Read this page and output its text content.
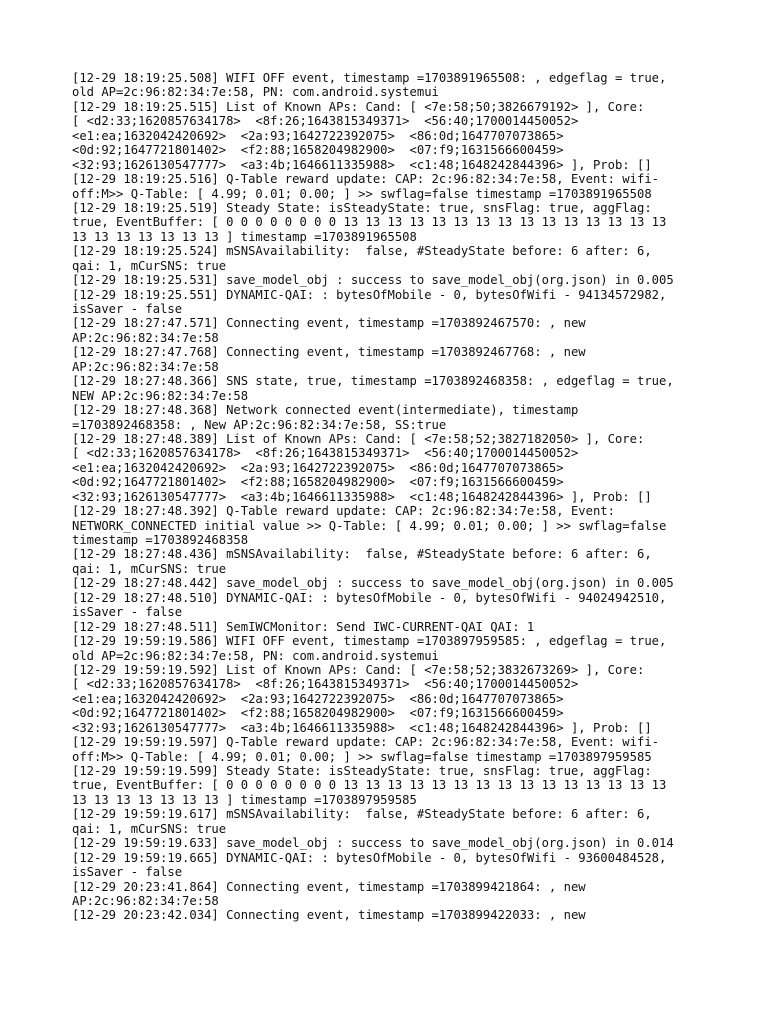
[12-29 18:19:25.508] WIFI OFF event, timestamp =1703891965508: , edgeflag = true,
old AP=2c:96:82:34:7e:58, PN: com.android.systemui
[12-29 18:19:25.515] List of Known APs: Cand: [ <7e:58;50;3826679192> ], Core:
[ <d2:33;1620857634178>  <8f:26;1643815349371>  <56:40;1700014450052>
<e1:ea;1632042420692>  <2a:93;1642722392075>  <86:0d;1647707073865>
<0d:92;1647721801402>  <f2:88;1658204982900>  <07:f9;1631566600459>
<32:93;1626130547777>  <a3:4b;1646611335988>  <c1:48;1648242844396> ], Prob: []
[12-29 18:19:25.516] Q-Table reward update: CAP: 2c:96:82:34:7e:58, Event: wifi-
off:M>> Q-Table: [ 4.99; 0.01; 0.00; ] >> swflag=false timestamp =1703891965508
[12-29 18:19:25.519] Steady State: isSteadyState: true, snsFlag: true, aggFlag:
true, EventBuffer: [ 0 0 0 0 0 0 0 0 13 13 13 13 13 13 13 13 13 13 13 13 13 13 13
13 13 13 13 13 13 13 ] timestamp =1703891965508
[12-29 18:19:25.524] mSNSAvailability:  false, #SteadyState before: 6 after: 6,
qai: 1, mCurSNS: true
[12-29 18:19:25.531] save_model_obj : success to save_model_obj(org.json) in 0.005
[12-29 18:19:25.551] DYNAMIC-QAI: : bytesOfMobile - 0, bytesOfWifi - 94134572982,
isSaver - false
[12-29 18:27:47.571] Connecting event, timestamp =1703892467570: , new
AP:2c:96:82:34:7e:58
[12-29 18:27:47.768] Connecting event, timestamp =1703892467768: , new
AP:2c:96:82:34:7e:58
[12-29 18:27:48.366] SNS state, true, timestamp =1703892468358: , edgeflag = true,
NEW AP:2c:96:82:34:7e:58
[12-29 18:27:48.368] Network connected event(intermediate), timestamp
=1703892468358: , New AP:2c:96:82:34:7e:58, SS:true
[12-29 18:27:48.389] List of Known APs: Cand: [ <7e:58;52;3827182050> ], Core:
[ <d2:33;1620857634178>  <8f:26;1643815349371>  <56:40;1700014450052>
<e1:ea;1632042420692>  <2a:93;1642722392075>  <86:0d;1647707073865>
<0d:92;1647721801402>  <f2:88;1658204982900>  <07:f9;1631566600459>
<32:93;1626130547777>  <a3:4b;1646611335988>  <c1:48;1648242844396> ], Prob: []
[12-29 18:27:48.392] Q-Table reward update: CAP: 2c:96:82:34:7e:58, Event:
NETWORK_CONNECTED initial value >> Q-Table: [ 4.99; 0.01; 0.00; ] >> swflag=false
timestamp =1703892468358
[12-29 18:27:48.436] mSNSAvailability:  false, #SteadyState before: 6 after: 6,
qai: 1, mCurSNS: true
[12-29 18:27:48.442] save_model_obj : success to save_model_obj(org.json) in 0.005
[12-29 18:27:48.510] DYNAMIC-QAI: : bytesOfMobile - 0, bytesOfWifi - 94024942510,
isSaver - false
[12-29 18:27:48.511] SemIWCMonitor: Send IWC-CURRENT-QAI QAI: 1
[12-29 19:59:19.586] WIFI OFF event, timestamp =1703897959585: , edgeflag = true,
old AP=2c:96:82:34:7e:58, PN: com.android.systemui
[12-29 19:59:19.592] List of Known APs: Cand: [ <7e:58;52;3832673269> ], Core:
[ <d2:33;1620857634178>  <8f:26;1643815349371>  <56:40;1700014450052>
<e1:ea;1632042420692>  <2a:93;1642722392075>  <86:0d;1647707073865>
<0d:92;1647721801402>  <f2:88;1658204982900>  <07:f9;1631566600459>
<32:93;1626130547777>  <a3:4b;1646611335988>  <c1:48;1648242844396> ], Prob: []
[12-29 19:59:19.597] Q-Table reward update: CAP: 2c:96:82:34:7e:58, Event: wifi-
off:M>> Q-Table: [ 4.99; 0.01; 0.00; ] >> swflag=false timestamp =1703897959585
[12-29 19:59:19.599] Steady State: isSteadyState: true, snsFlag: true, aggFlag:
true, EventBuffer: [ 0 0 0 0 0 0 0 0 13 13 13 13 13 13 13 13 13 13 13 13 13 13 13
13 13 13 13 13 13 13 ] timestamp =1703897959585
[12-29 19:59:19.617] mSNSAvailability:  false, #SteadyState before: 6 after: 6,
qai: 1, mCurSNS: true
[12-29 19:59:19.633] save_model_obj : success to save_model_obj(org.json) in 0.014
[12-29 19:59:19.665] DYNAMIC-QAI: : bytesOfMobile - 0, bytesOfWifi - 93600484528,
isSaver - false
[12-29 20:23:41.864] Connecting event, timestamp =1703899421864: , new
AP:2c:96:82:34:7e:58
[12-29 20:23:42.034] Connecting event, timestamp =1703899422033: , new
